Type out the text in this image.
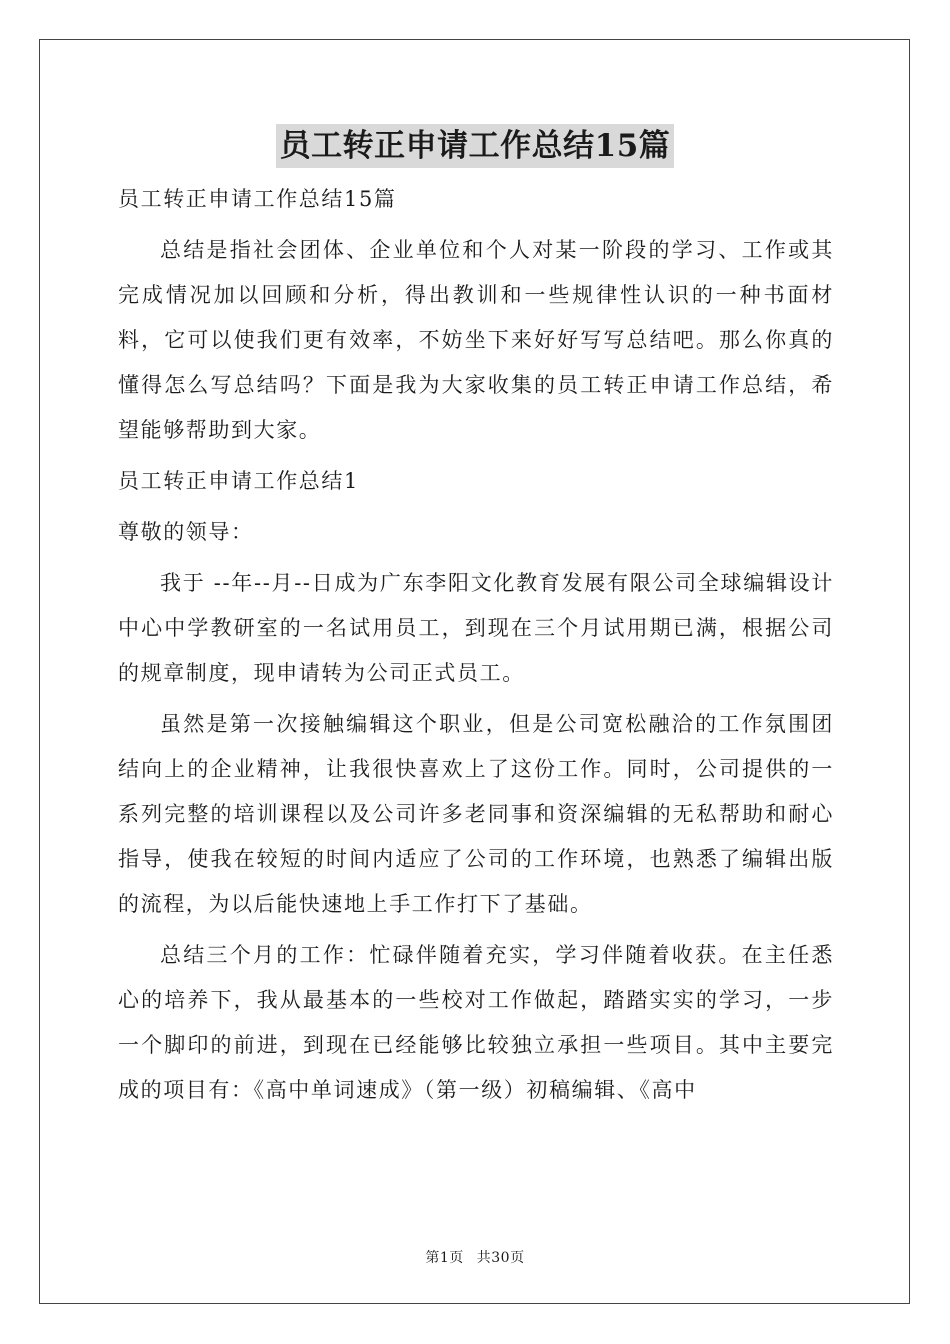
员工转正申请工作总结15篇

员工转正申请工作总结15篇

总结是指社会团体、企业单位和个人对某一阶段的学习、工作或其完成情况加以回顾和分析，得出教训和一些规律性认识的一种书面材料，它可以使我们更有效率，不妨坐下来好好写写总结吧。那么你真的懂得怎么写总结吗？下面是我为大家收集的员工转正申请工作总结，希望能够帮助到大家。

员工转正申请工作总结1

尊敬的领导：

我于 --年--月--日成为广东李阳文化教育发展有限公司全球编辑设计中心中学教研室的一名试用员工，到现在三个月试用期已满，根据公司的规章制度，现申请转为公司正式员工。

虽然是第一次接触编辑这个职业，但是公司宽松融洽的工作氛围团结向上的企业精神，让我很快喜欢上了这份工作。同时，公司提供的一系列完整的培训课程以及公司许多老同事和资深编辑的无私帮助和耐心指导，使我在较短的时间内适应了公司的工作环境，也熟悉了编辑出版的流程，为以后能快速地上手工作打下了基础。

总结三个月的工作：忙碌伴随着充实，学习伴随着收获。在主任悉心的培养下，我从最基本的一些校对工作做起，踏踏实实的学习，一步一个脚印的前进，到现在已经能够比较独立承担一些项目。其中主要完成的项目有：《高中单词速成》（第一级）初稿编辑、《高中

第1页 共30页
